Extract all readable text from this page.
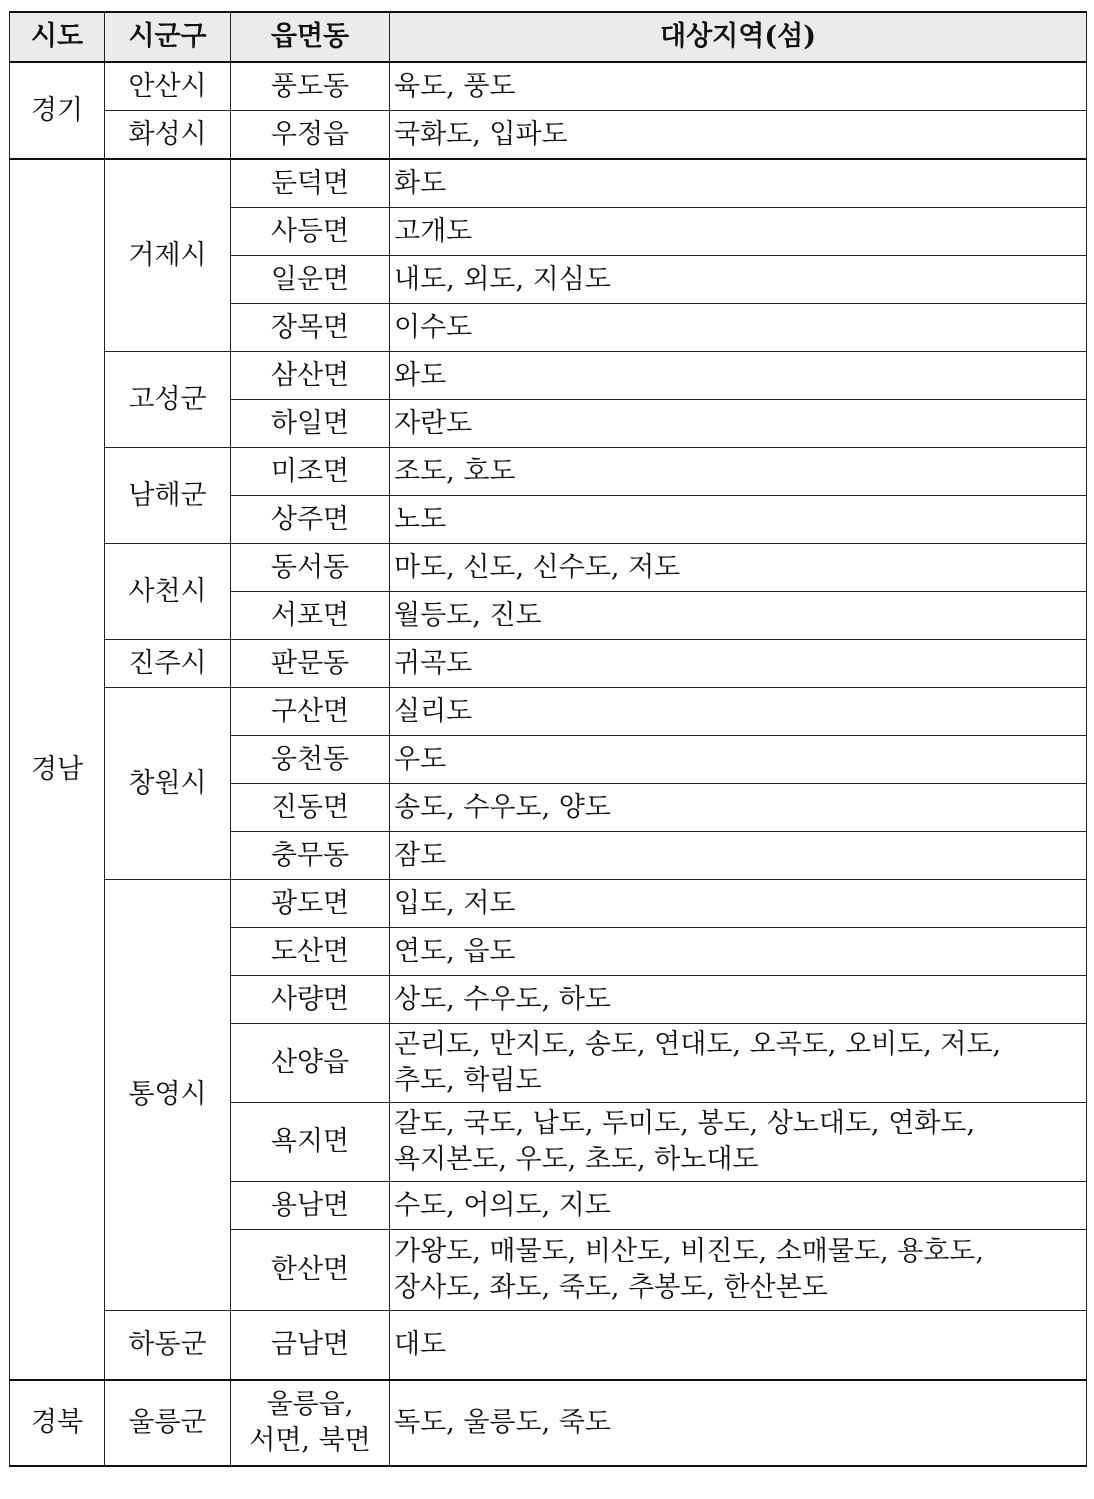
시도	시군구	읍면동	대상지역(섬)
경기	안산시	풍도동	육도, 풍도
	화성시	우정읍	국화도, 입파도
경남	거제시	둔덕면	화도
		사등면	고개도
		일운면	내도, 외도, 지심도
		장목면	이수도
	고성군	삼산면	와도
		하일면	자란도
	남해군	미조면	조도, 호도
		상주면	노도
	사천시	동서동	마도, 신도, 신수도, 저도
		서포면	월등도, 진도
	진주시	판문동	귀곡도
	창원시	구산면	실리도
		웅천동	우도
		진동면	송도, 수우도, 양도
		충무동	잠도
	통영시	광도면	입도, 저도
		도산면	연도, 읍도
		사량면	상도, 수우도, 하도
		산양읍	곤리도, 만지도, 송도, 연대도, 오곡도, 오비도, 저도,
추도, 학림도
		욕지면	갈도, 국도, 납도, 두미도, 봉도, 상노대도, 연화도,
욕지본도, 우도, 초도, 하노대도
		용남면	수도, 어의도, 지도
		한산면	가왕도, 매물도, 비산도, 비진도, 소매물도, 용호도,
장사도, 좌도, 죽도, 추봉도, 한산본도
	하동군	금남면	대도
경북	울릉군	울릉읍,
서면, 북면	독도, 울릉도, 죽도
